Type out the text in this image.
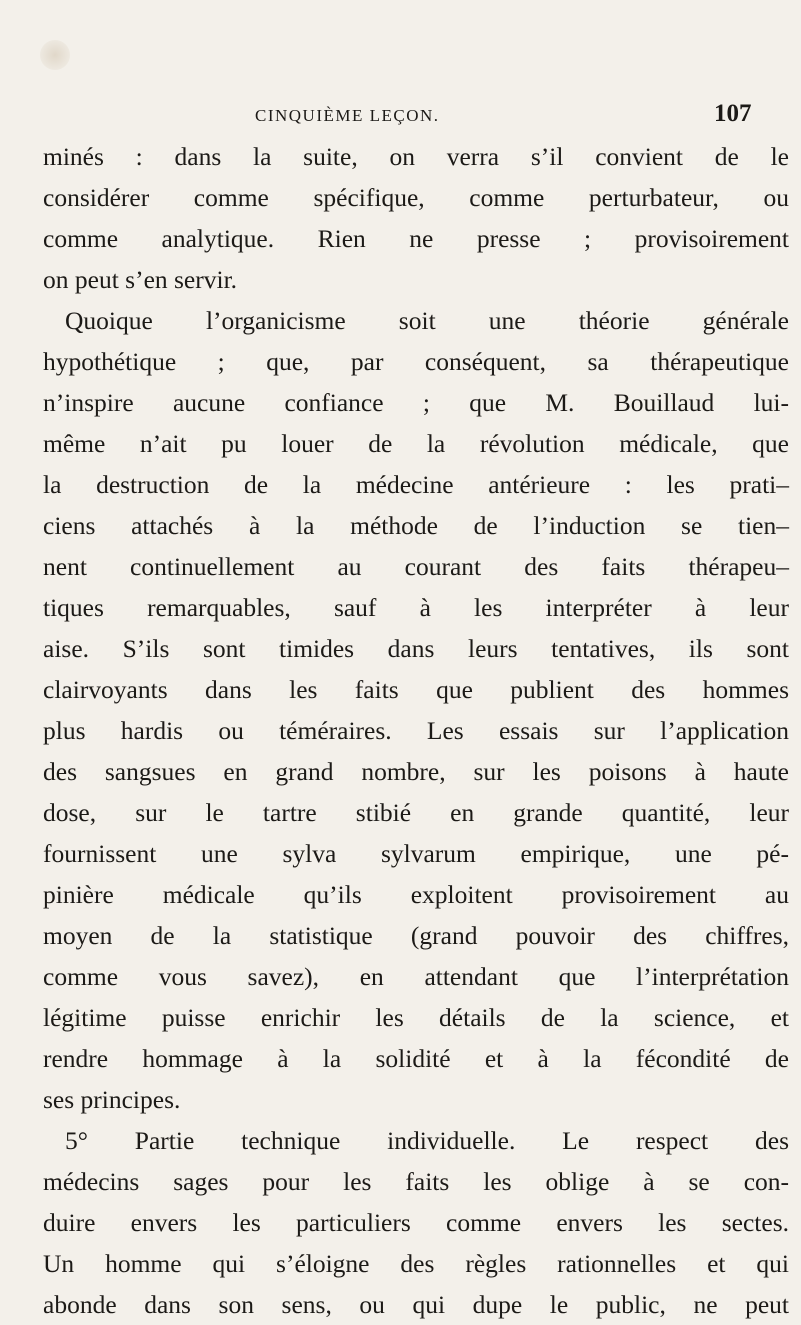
CINQUIÈME LEÇON.	107
minés : dans la suite, on verra s’il convient de le
considérer comme spécifique, comme perturbateur, ou
comme analytique. Rien ne presse ; provisoirement
on peut s’en servir.
Quoique l’organicisme soit une théorie générale
hypothétique ; que, par conséquent, sa thérapeutique
n’inspire aucune confiance ; que M. Bouillaud lui-
même n’ait pu louer de la révolution médicale, que
la destruction de la médecine antérieure : les prati–
ciens attachés à la méthode de l’induction se tien–
nent continuellement au courant des faits thérapeu–
tiques remarquables, sauf à les interpréter à leur
aise. S’ils sont timides dans leurs tentatives, ils sont
clairvoyants dans les faits que publient des hommes
plus hardis ou téméraires. Les essais sur l’application
des sangsues en grand nombre, sur les poisons à haute
dose, sur le tartre stibié en grande quantité, leur
fournissent une sylva sylvarum empirique, une pé-
pinière médicale qu’ils exploitent provisoirement au
moyen de la statistique (grand pouvoir des chiffres,
comme vous savez), en attendant que l’interprétation
légitime puisse enrichir les détails de la science, et
rendre hommage à la solidité et à la fécondité de
ses principes.
5° Partie technique individuelle. Le respect des
médecins sages pour les faits les oblige à se con-
duire envers les particuliers comme envers les sectes.
Un homme qui s’éloigne des règles rationnelles et qui
abonde dans son sens, ou qui dupe le public, ne peut
